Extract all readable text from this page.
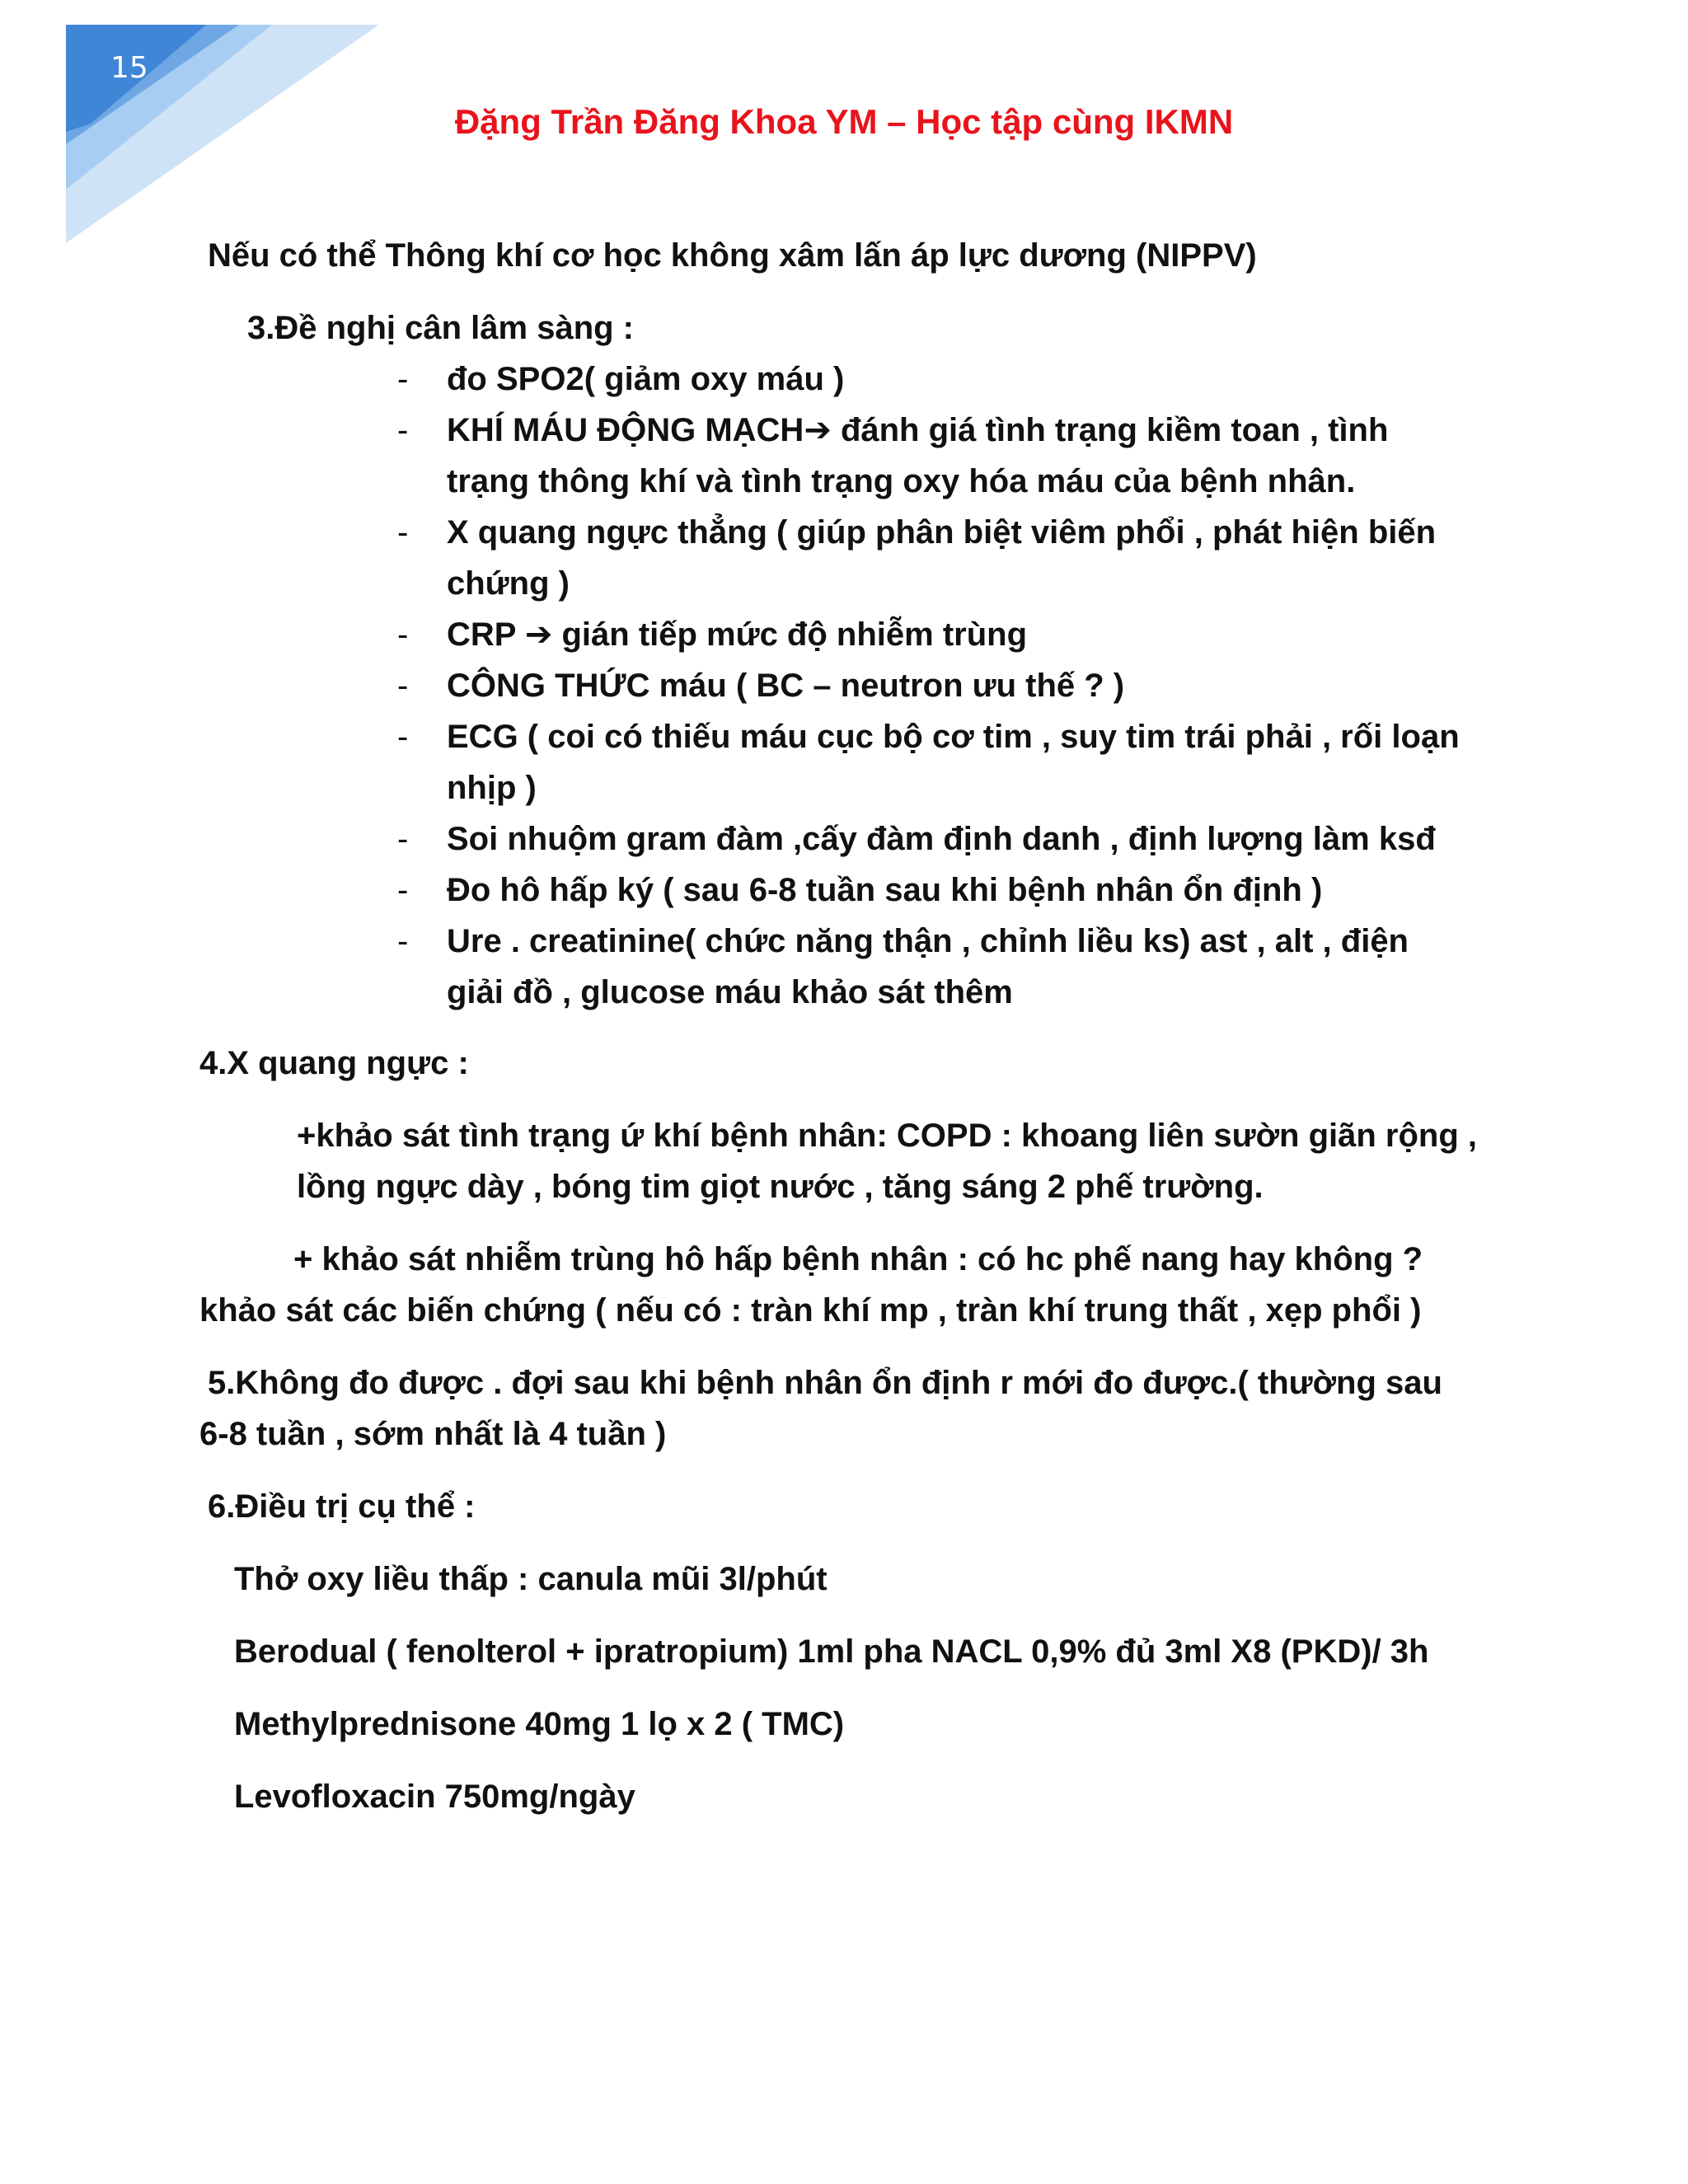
15
Đặng Trần Đăng Khoa YM – Học tập cùng IKMN
Nếu có thể Thông khí cơ học không xâm lấn áp lực dương (NIPPV)
3.Đề nghị cân lâm sàng :
- đo SPO2( giảm oxy máu )
- KHÍ MÁU ĐỘNG MẠCH➔ đánh giá tình trạng kiềm toan , tình
trạng thông khí và tình trạng oxy hóa máu của bệnh nhân.
- X quang ngực thẳng ( giúp phân biệt viêm phổi , phát hiện biến
chứng )
- CRP ➔ gián tiếp mức độ nhiễm trùng
- CÔNG THỨC máu ( BC – neutron ưu thế ? )
- ECG ( coi có thiếu máu cục bộ cơ tim , suy tim trái phải , rối loạn
nhịp )
- Soi nhuộm gram đàm ,cấy đàm định danh , định lượng làm ksđ
- Đo hô hấp ký ( sau 6-8 tuần sau khi bệnh nhân ổn định )
- Ure . creatinine( chức năng thận , chỉnh liều ks) ast , alt , điện
giải đồ , glucose máu khảo sát thêm
4.X quang ngực :
+khảo sát tình trạng ứ khí bệnh nhân: COPD : khoang liên sườn giãn rộng ,
lồng ngực dày , bóng tim giọt nước , tăng sáng 2 phế trường.
+ khảo sát nhiễm trùng hô hấp bệnh nhân : có hc phế nang hay không ?
khảo sát các biến chứng ( nếu có : tràn khí mp , tràn khí trung thất , xẹp phổi )
5.Không đo được . đợi sau khi bệnh nhân ổn định r mới đo được.( thường sau
6-8 tuần , sớm nhất là 4 tuần )
6.Điều trị cụ thể :
Thở oxy liều thấp : canula mũi 3l/phút
Berodual ( fenolterol + ipratropium) 1ml pha NACL 0,9% đủ 3ml X8 (PKD)/ 3h
Methylprednisone 40mg 1 lọ x 2 ( TMC)
Levofloxacin 750mg/ngày
